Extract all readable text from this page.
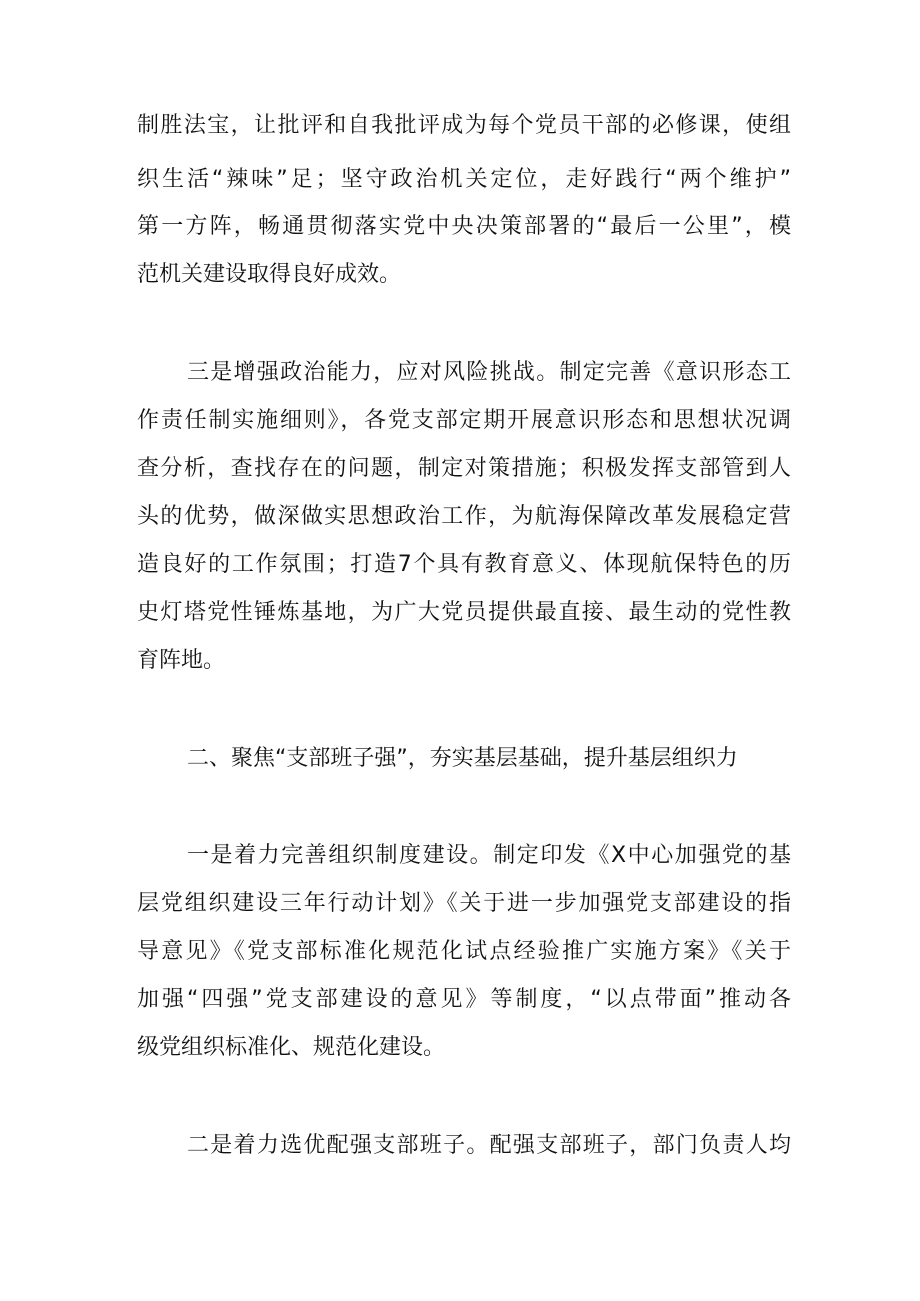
制胜法宝，让批评和自我批评成为每个党员干部的必修课，使组
织生活“辣味”足；坚守政治机关定位，走好践行“两个维护”
第一方阵，畅通贯彻落实党中央决策部署的“最后一公里”，模
范机关建设取得良好成效。
三是增强政治能力，应对风险挑战。制定完善《意识形态工
作责任制实施细则》，各党支部定期开展意识形态和思想状况调
查分析，查找存在的问题，制定对策措施；积极发挥支部管到人
头的优势，做深做实思想政治工作，为航海保障改革发展稳定营
造良好的工作氛围；打造7个具有教育意义、体现航保特色的历
史灯塔党性锤炼基地，为广大党员提供最直接、最生动的党性教
育阵地。
二、聚焦“支部班子强”，夯实基层基础，提升基层组织力
一是着力完善组织制度建设。制定印发《X中心加强党的基
层党组织建设三年行动计划》《关于进一步加强党支部建设的指
导意见》《党支部标准化规范化试点经验推广实施方案》《关于
加强“四强”党支部建设的意见》等制度，“以点带面”推动各
级党组织标准化、规范化建设。
二是着力选优配强支部班子。配强支部班子，部门负责人均
